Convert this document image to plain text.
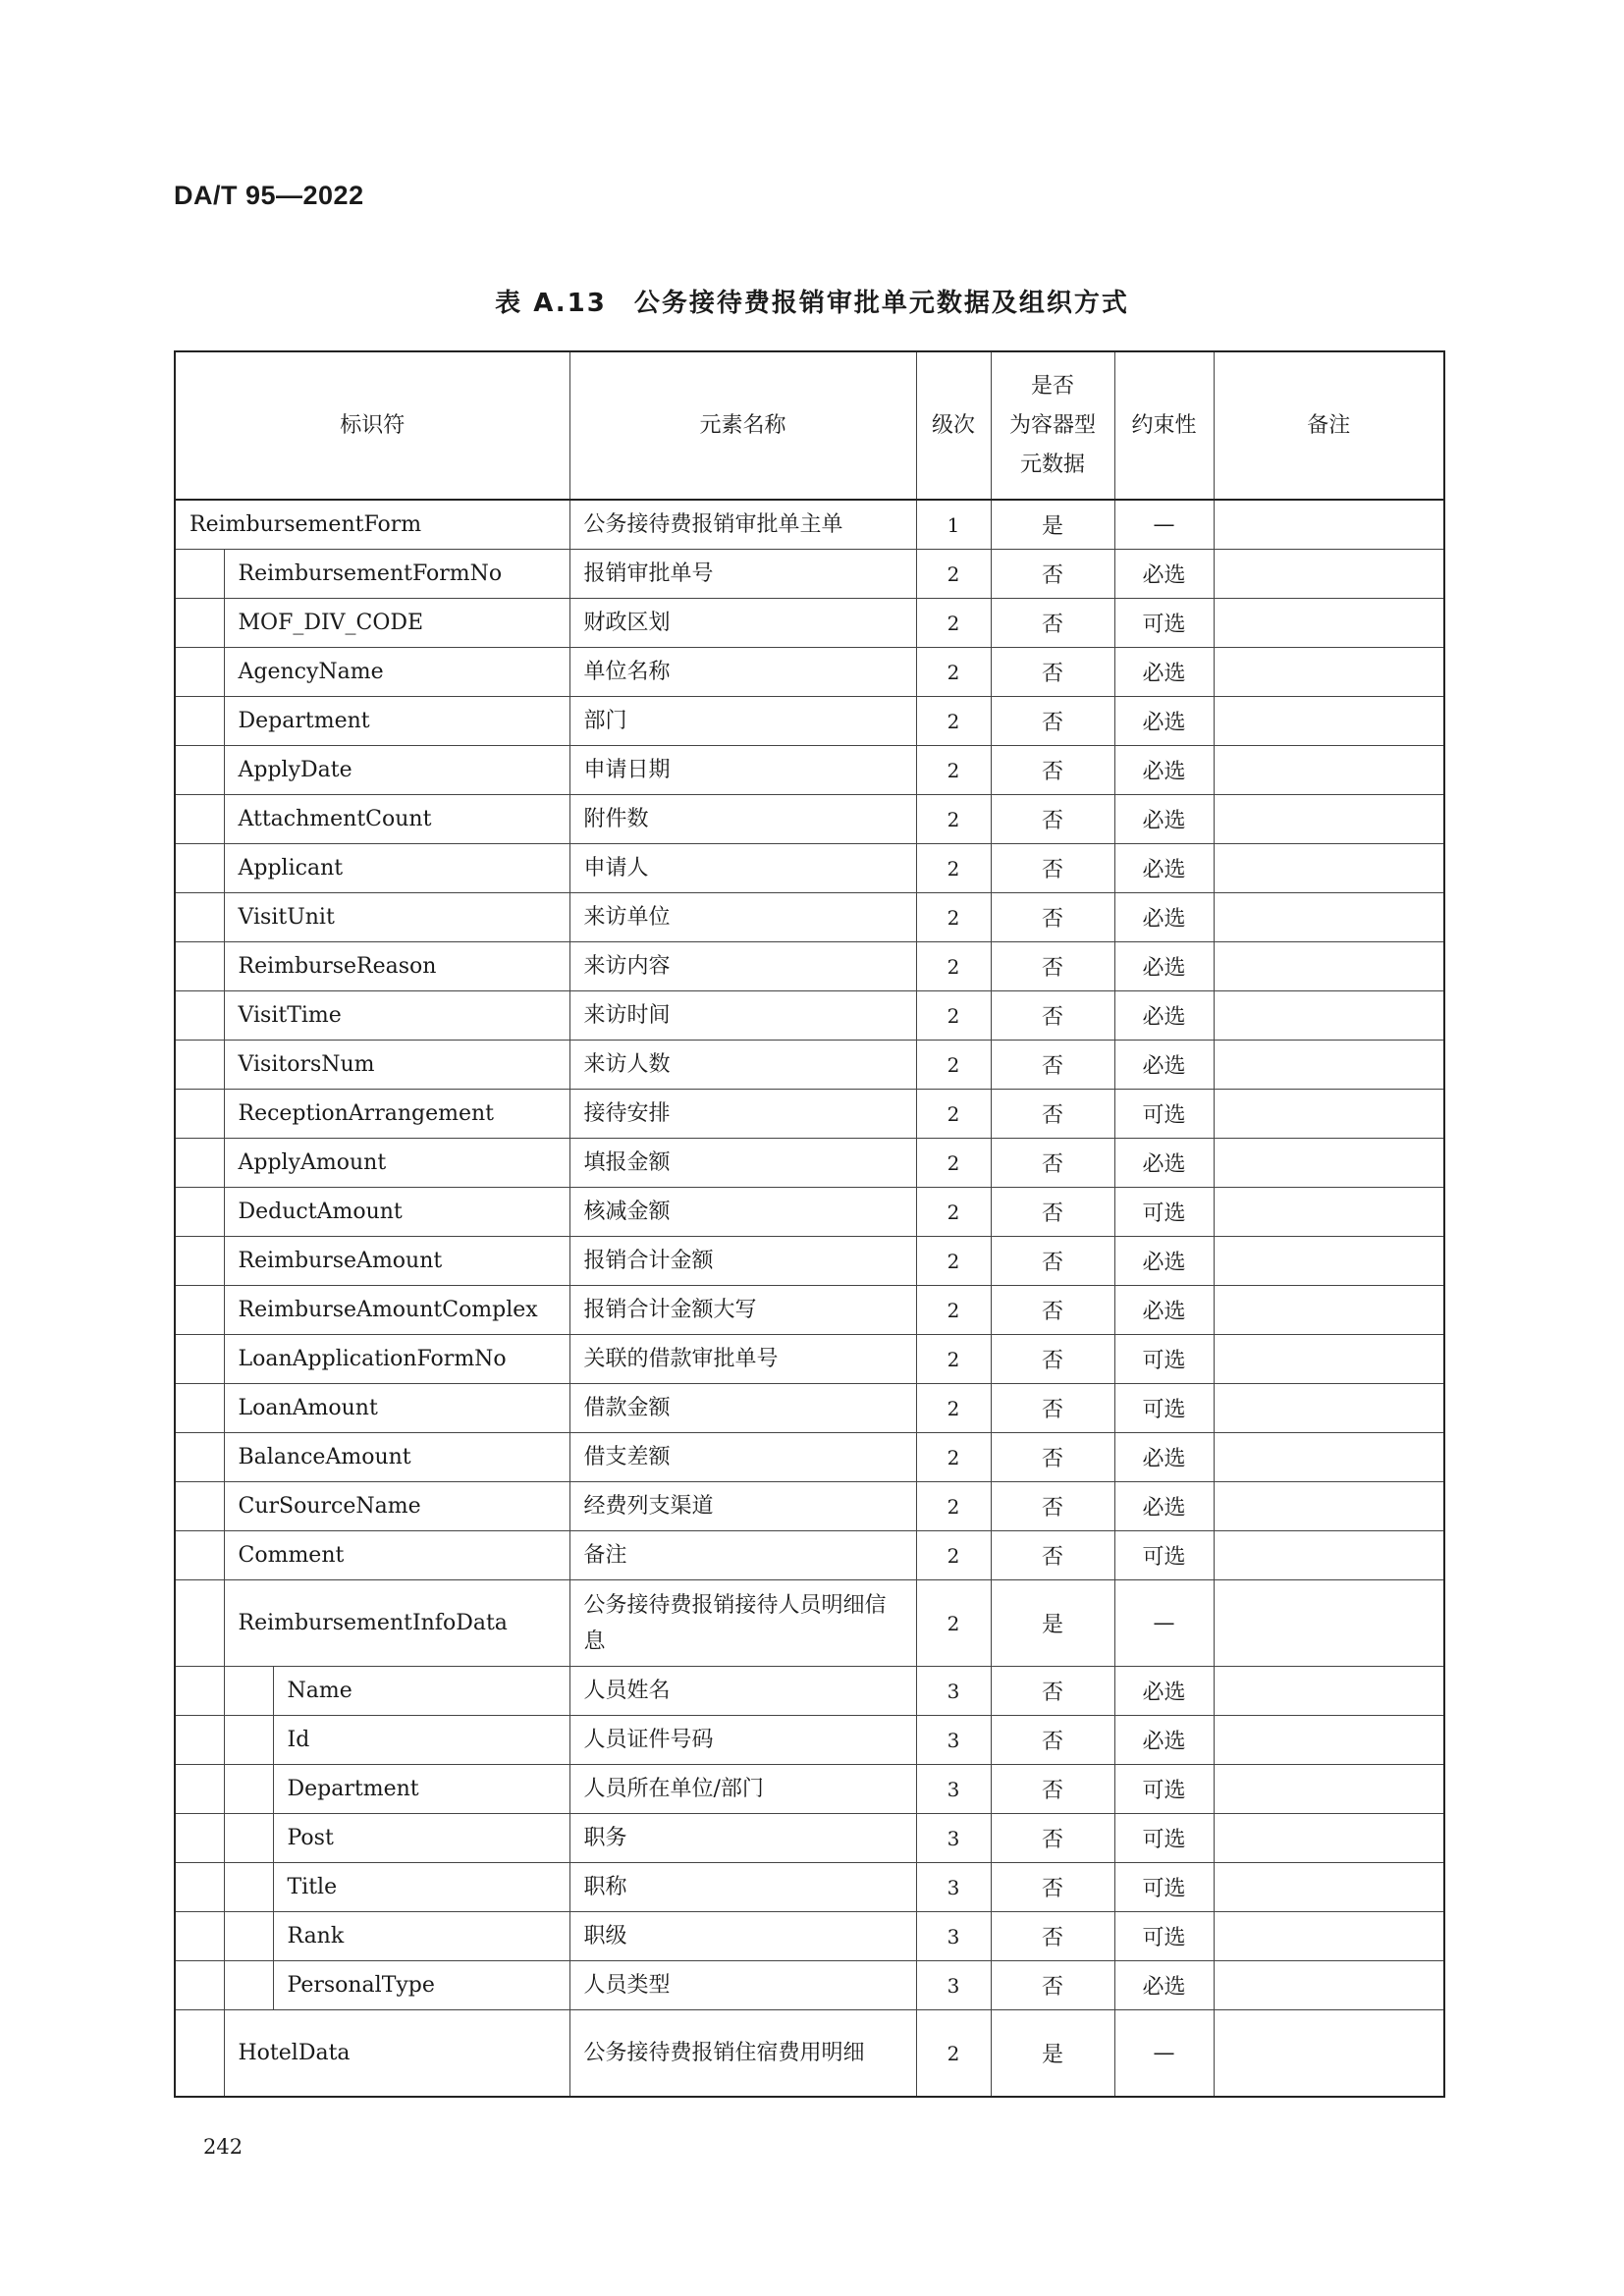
DA/T 95—2022
表 A.13　公务接待费报销审批单元数据及组织方式
标识符			元素名称	级次	是否
为容器型
元数据	约束性	备注
ReimbursementForm			公务接待费报销审批单主单	1	是	—	
	ReimbursementFormNo		报销审批单号	2	否	必选	
	MOF_DIV_CODE		财政区划	2	否	可选	
	AgencyName		单位名称	2	否	必选	
	Department		部门	2	否	必选	
	ApplyDate		申请日期	2	否	必选	
	AttachmentCount		附件数	2	否	必选	
	Applicant		申请人	2	否	必选	
	VisitUnit		来访单位	2	否	必选	
	ReimburseReason		来访内容	2	否	必选	
	VisitTime		来访时间	2	否	必选	
	VisitorsNum		来访人数	2	否	必选	
	ReceptionArrangement		接待安排	2	否	可选	
	ApplyAmount		填报金额	2	否	必选	
	DeductAmount		核减金额	2	否	可选	
	ReimburseAmount		报销合计金额	2	否	必选	
	ReimburseAmountComplex		报销合计金额大写	2	否	必选	
	LoanApplicationFormNo		关联的借款审批单号	2	否	可选	
	LoanAmount		借款金额	2	否	可选	
	BalanceAmount		借支差额	2	否	必选	
	CurSourceName		经费列支渠道	2	否	必选	
	Comment		备注	2	否	可选	
	ReimbursementInfoData		公务接待费报销接待人员明细信息	2	是	—	
		Name	人员姓名	3	否	必选	
		Id	人员证件号码	3	否	必选	
		Department	人员所在单位/部门	3	否	可选	
		Post	职务	3	否	可选	
		Title	职称	3	否	可选	
		Rank	职级	3	否	可选	
		PersonalType	人员类型	3	否	必选	
	HotelData		公务接待费报销住宿费用明细	2	是	—	
242
